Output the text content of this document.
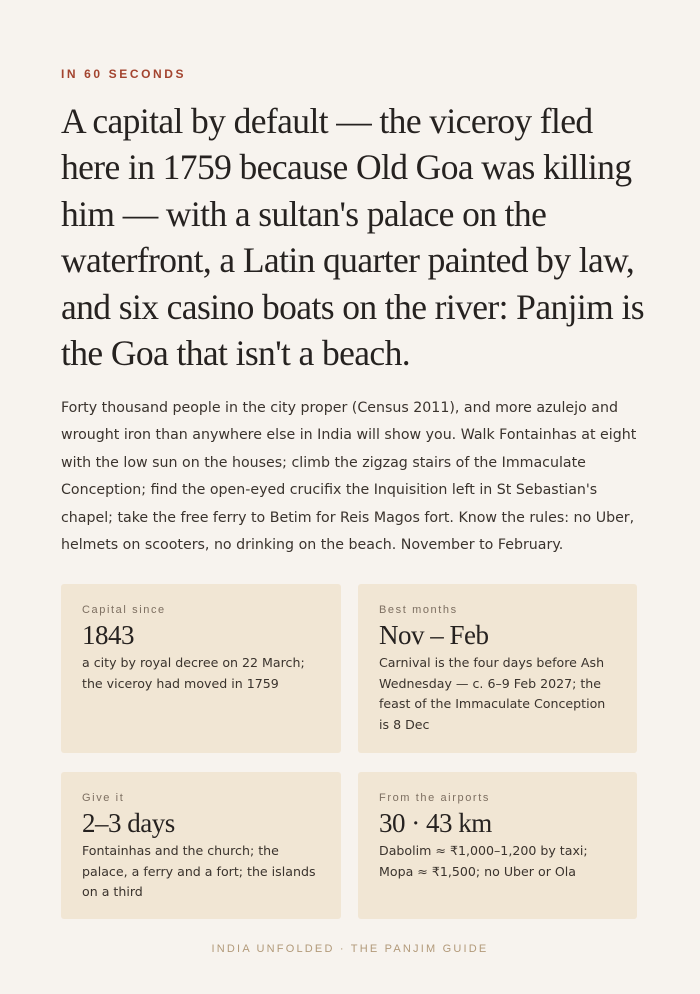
IN 60 SECONDS
A capital by default — the viceroy fled here in 1759 because Old Goa was killing him — with a sultan's palace on the waterfront, a Latin quarter painted by law, and six casino boats on the river: Panjim is the Goa that isn't a beach.

Forty thousand people in the city proper (Census 2011), and more azulejo and wrought iron than anywhere else in India will show you. Walk Fontainhas at eight with the low sun on the houses; climb the zigzag stairs of the Immaculate Conception; find the open-eyed crucifix the Inquisition left in St Sebastian's chapel; take the free ferry to Betim for Reis Magos fort. Know the rules: no Uber, helmets on scooters, no drinking on the beach. November to February.

Capital since
1843
a city by royal decree on 22 March; the viceroy had moved in 1759
Best months
Nov – Feb
Carnival is the four days before Ash Wednesday — c. 6–9 Feb 2027; the feast of the Immaculate Conception is 8 Dec
Give it
2–3 days
Fontainhas and the church; the palace, a ferry and a fort; the islands on a third
From the airports
30 · 43 km
Dabolim ≈ ₹1,000–1,200 by taxi; Mopa ≈ ₹1,500; no Uber or Ola
INDIA UNFOLDED · THE PANJIM GUIDE
